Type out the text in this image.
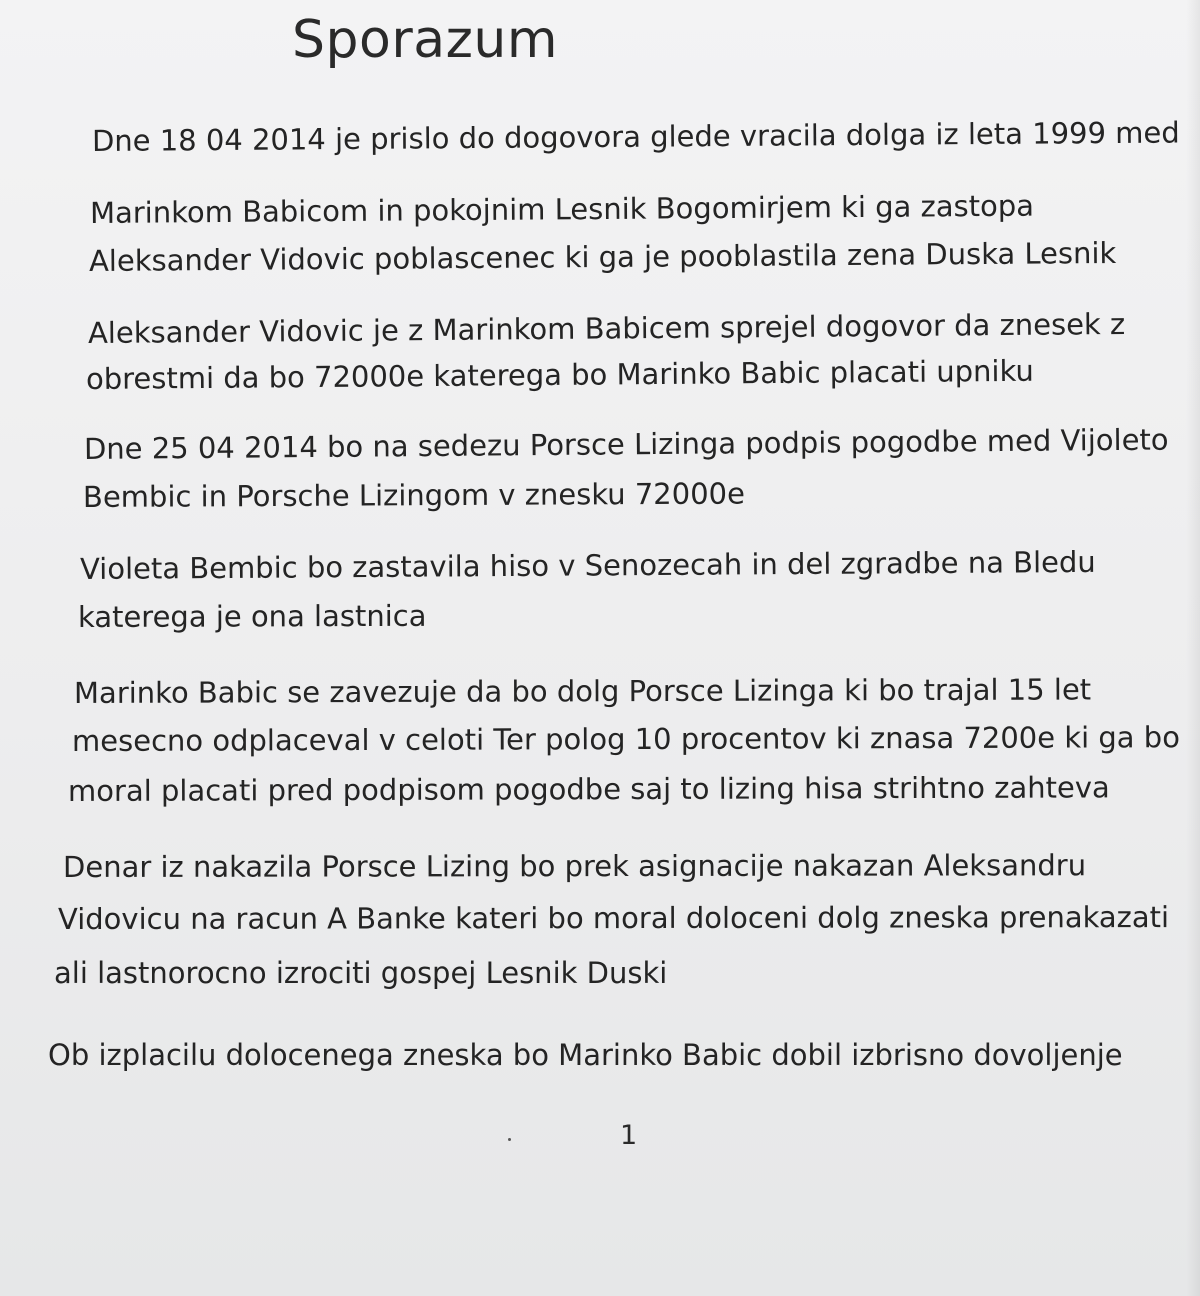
Sporazum
Dne 18 04 2014 je prislo do dogovora glede vracila dolga iz leta 1999 med
Marinkom Babicom in pokojnim Lesnik Bogomirjem ki ga zastopa
Aleksander Vidovic poblascenec ki ga je pooblastila zena Duska Lesnik
Aleksander Vidovic je z Marinkom Babicem sprejel dogovor da znesek z
obrestmi da bo 72000e katerega bo Marinko Babic placati upniku
Dne 25 04 2014 bo na sedezu Porsce Lizinga podpis pogodbe med Vijoleto
Bembic in Porsche Lizingom v znesku 72000e
Violeta Bembic bo zastavila hiso v Senozecah in del zgradbe na Bledu
katerega je ona lastnica
Marinko Babic se zavezuje da bo dolg Porsce Lizinga ki bo trajal 15 let
mesecno odplaceval v celoti Ter polog 10 procentov ki znasa 7200e ki ga bo
moral placati pred podpisom pogodbe saj to lizing hisa strihtno zahteva
Denar iz nakazila Porsce Lizing bo prek asignacije nakazan Aleksandru
Vidovicu na racun A Banke kateri bo moral doloceni dolg zneska prenakazati
ali lastnorocno izrociti gospej Lesnik Duski
Ob izplacilu dolocenega zneska bo Marinko Babic dobil izbrisno dovoljenje
1
